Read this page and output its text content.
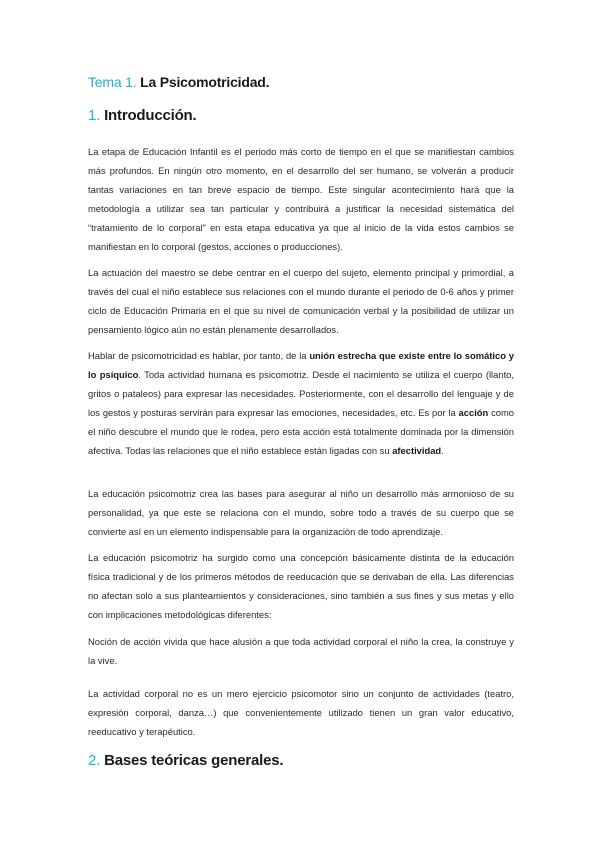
Tema 1. La Psicomotricidad.
1. Introducción.

La etapa de Educación Infantil es el periodo más corto de tiempo en el que se manifiestan cambios más profundos. En ningún otro momento, en el desarrollo del ser humano, se volverán a producir tantas variaciones en tan breve espacio de tiempo. Este singular acontecimiento hará que la metodología a utilizar sea tan particular y contribuirá a justificar la necesidad sistemática del “tratamiento de lo corporal” en esta etapa educativa ya que al inicio de la vida estos cambios se manifiestan en lo corporal (gestos, acciones o producciones).

La actuación del maestro se debe centrar en el cuerpo del sujeto, elemento principal y primordial, a través del cual el niño establece sus relaciones con el mundo durante el periodo de 0-6 años y primer ciclo de Educación Primaria en el que su nivel de comunicación verbal y la posibilidad de utilizar un pensamiento lógico aún no están plenamente desarrollados.

Hablar de psicomotricidad es hablar, por tanto, de la unión estrecha que existe entre lo somático y lo psíquico. Toda actividad humana es psicomotriz. Desde el nacimiento se utiliza el cuerpo (llanto, gritos o pataleos) para expresar las necesidades. Posteriormente, con el desarrollo del lenguaje y de los gestos y posturas servirán para expresar las emociones, necesidades, etc. Es por la acción como el niño descubre el mundo que le rodea, pero esta acción está totalmente dominada por la dimensión afectiva. Todas las relaciones que el niño establece están ligadas con su afectividad.

La educación psicomotriz crea las bases para asegurar al niño un desarrollo más armonioso de su personalidad, ya que este se relaciona con el mundo, sobre todo a través de su cuerpo que se convierte así en un elemento indispensable para la organización de todo aprendizaje.

La educación psicomotriz ha surgido como una concepción básicamente distinta de la educación física tradicional y de los primeros métodos de reeducación que se derivaban de ella. Las diferencias no afectan solo a sus planteamientos y consideraciones, sino también a sus fines y sus metas y ello con implicaciones metodológicas diferentes:

Noción de acción vivida que hace alusión a que toda actividad corporal el niño la crea, la construye y la vive.

La actividad corporal no es un mero ejercicio psicomotor sino un conjunto de actividades (teatro, expresión corporal, danza…) que convenientemente utilizado tienen un gran valor educativo, reeducativo y terapéutico.

2. Bases teóricas generales.
